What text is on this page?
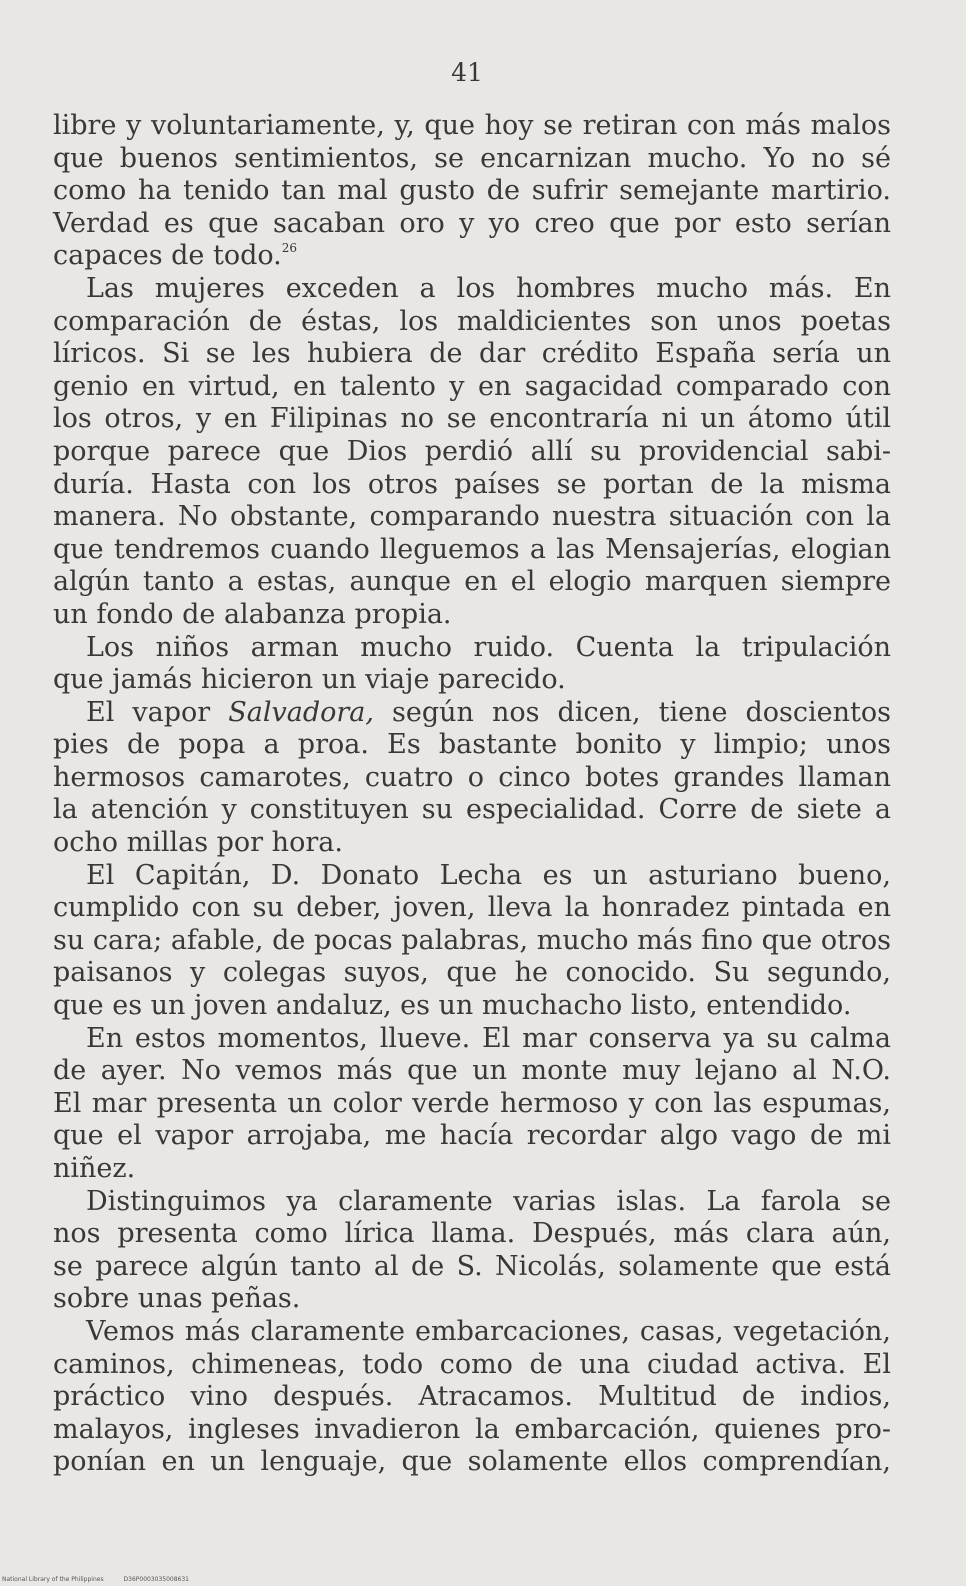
41
libre y voluntariamente, y, que hoy se retiran con más malos
que buenos sentimientos, se encarnizan mucho. Yo no sé
como ha tenido tan mal gusto de sufrir semejante martirio.
Verdad es que sacaban oro y yo creo que por esto serían
capaces de todo.$^{26}$
Las mujeres exceden a los hombres mucho más. En
comparación de éstas, los maldicientes son unos poetas
líricos. Si se les hubiera de dar crédito España sería un
genio en virtud, en talento y en sagacidad comparado con
los otros, y en Filipinas no se encontraría ni un átomo útil
porque parece que Dios perdió allí su providencial sabi-
duría. Hasta con los otros países se portan de la misma
manera. No obstante, comparando nuestra situación con la
que tendremos cuando lleguemos a las Mensajerías, elogian
algún tanto a estas, aunque en el elogio marquen siempre
un fondo de alabanza propia.
Los niños arman mucho ruido. Cuenta la tripulación
que jamás hicieron un viaje parecido.
El vapor Salvadora, según nos dicen, tiene doscientos
pies de popa a proa. Es bastante bonito y limpio; unos
hermosos camarotes, cuatro o cinco botes grandes llaman
la atención y constituyen su especialidad. Corre de siete a
ocho millas por hora.
El Capitán, D. Donato Lecha es un asturiano bueno,
cumplido con su deber, joven, lleva la honradez pintada en
su cara; afable, de pocas palabras, mucho más fino que otros
paisanos y colegas suyos, que he conocido. Su segundo,
que es un joven andaluz, es un muchacho listo, entendido.
En estos momentos, llueve. El mar conserva ya su calma
de ayer. No vemos más que un monte muy lejano al N.O.
El mar presenta un color verde hermoso y con las espumas,
que el vapor arrojaba, me hacía recordar algo vago de mi
niñez.
Distinguimos ya claramente varias islas. La farola se
nos presenta como lírica llama. Después, más clara aún,
se parece algún tanto al de S. Nicolás, solamente que está
sobre unas peñas.
Vemos más claramente embarcaciones, casas, vegetación,
caminos, chimeneas, todo como de una ciudad activa. El
práctico vino después. Atracamos. Multitud de indios,
malayos, ingleses invadieron la embarcación, quienes pro-
ponían en un lenguaje, que solamente ellos comprendían,
National Library of the Philippines	D36P0003035008631
